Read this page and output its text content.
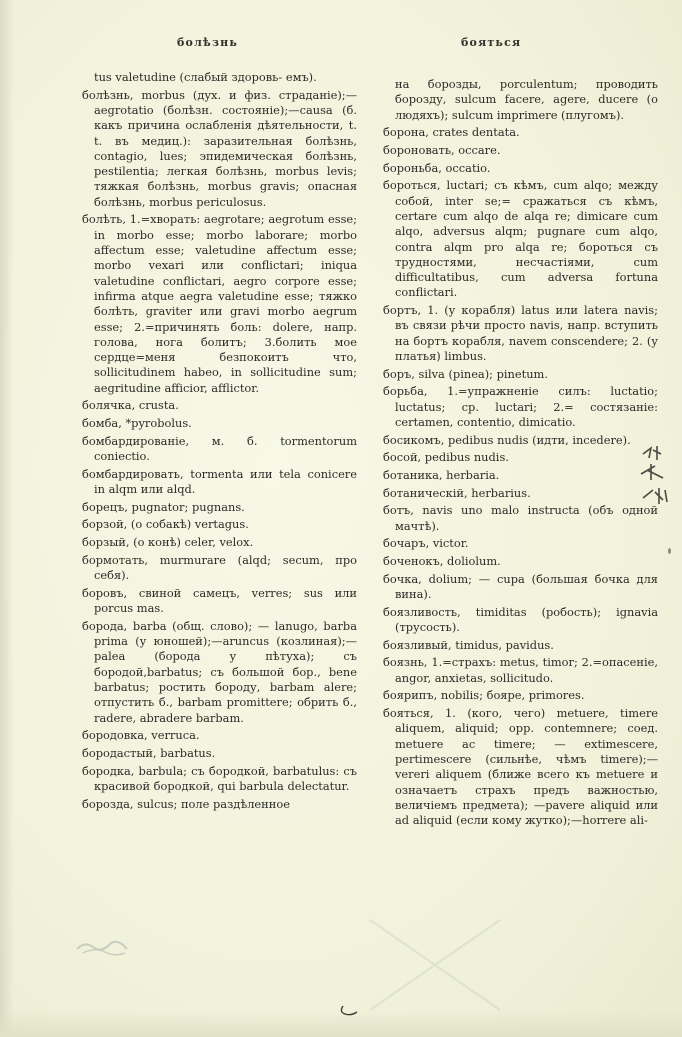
болѣзнь	бояться

tus valetudine (слабый здоровь- емъ).

болѣзнь, morbus (дух. и физ. страданіе);—aegrotatio (болѣзн. состояніе);—causa (б. какъ причина ослабленія дѣятельности, t. t. въ медиц.): заразительная болѣзнь, contagio, lues; эпидемическая болѣзнь, pestilentia; легкая болѣзнь, morbus levis; тяжкая болѣзнь, morbus gravis; опасная болѣзнь, morbus periculosus.

болѣть, 1.=хворать: aegrotare; aegrotum esse; in morbo esse; morbo laborare; morbo affectum esse; valetudine affectum esse; morbo vexari или conflictari; iniqua valetudine conflictari, aegro corpore esse; infirma atque aegra valetudine esse; тяжко болѣть, graviter или gravi morbo aegrum esse; 2.=причинять боль: dolere, напр. голова, нога болитъ; 3.болить мое сердце=меня безпокоитъ что, sollicitudinem habeo, in sollicitudine sum; aegritudine afficior, afflictor.

болячка, crusta.

бомба, *pyrobolus.

бомбардированіе, м. б. tormentorum coniectio.

бомбардировать, tormenta или tela conicere in alqm или alqd.

борецъ, pugnator; pugnans.

борзой, (о собакѣ) vertagus.

борзый, (о конѣ) celer, velox.

бормотать, murmurare (alqd; secum, про себя).

боровъ, свиной самецъ, verres; sus или porcus mas.

борода, barba (общ. слово); — lanugo, barba prima (у юношей);—aruncus (козлиная);—palea (борода у пѣтуха); съ бородой,barbatus; съ большой бор., bene barbatus; ростить бороду, barbam alere; отпустить б., barbam promittere; обрить б., radere, abradere barbam.

бородовка, verruca.

бородастый, barbatus.

бородка, barbula; съ бородкой, barbatulus: съ красивой бородкой, qui barbula delectatur.

борозда, sulcus; поле раздѣленное

на борозды, porculentum; проводить борозду, sulcum facere, agere, ducere (о людяхъ); sulcum imprimere (плугомъ).

борона, crates dentata.

бороновать, occare.

бороньба, occatio.

бороться, luctari; съ кѣмъ, cum alqo; между собой, inter se;= сражаться съ кѣмъ, certare cum alqo de alqa re; dimicare cum alqo, adversus alqm; pugnare cum alqo, contra alqm pro alqa re; бороться съ трудностями, несчастіями, cum difficultatibus, cum adversa fortuna conflictari.

бортъ, 1. (у корабля) latus или latera navis; въ связи рѣчи просто navis, напр. вступить на бортъ корабля, navem conscendere; 2. (у платья) limbus.

боръ, silva (pinea); pinetum.

борьба, 1.=упражненіе силъ: luctatio; luctatus; ср. luctari; 2.= состязаніе: certamen, contentio, dimicatio.

босикомъ, pedibus nudis (идти, incedere).

босой, pedibus nudis.

ботаника, herbaria.

ботаническій, herbarius.

ботъ, navis uno malo instructa (объ одной мачтѣ).

бочаръ, victor.

боченокъ, doliolum.

бочка, dolium; — cupa (большая бочка для вина).

боязливость, timiditas (робость); ignavia (трусость).

боязливый, timidus, pavidus.

боязнь, 1.=страхъ: metus, timor; 2.=опасеніе, angor, anxietas, sollicitudo.

боярипъ, nobilis; бояре, primores.

бояться, 1. (кого, чего) metuere, timere aliquem, aliquid; opp. contemnere; соед. metuere ac timere; — extimescere, pertimescere (сильнѣе, чѣмъ timere);—vereri aliquem (ближе всего къ metuere и означаетъ страхъ предъ важностью, величіемъ предмета); —pavere aliquid или ad aliquid (если кому жутко);—horrere ali-
